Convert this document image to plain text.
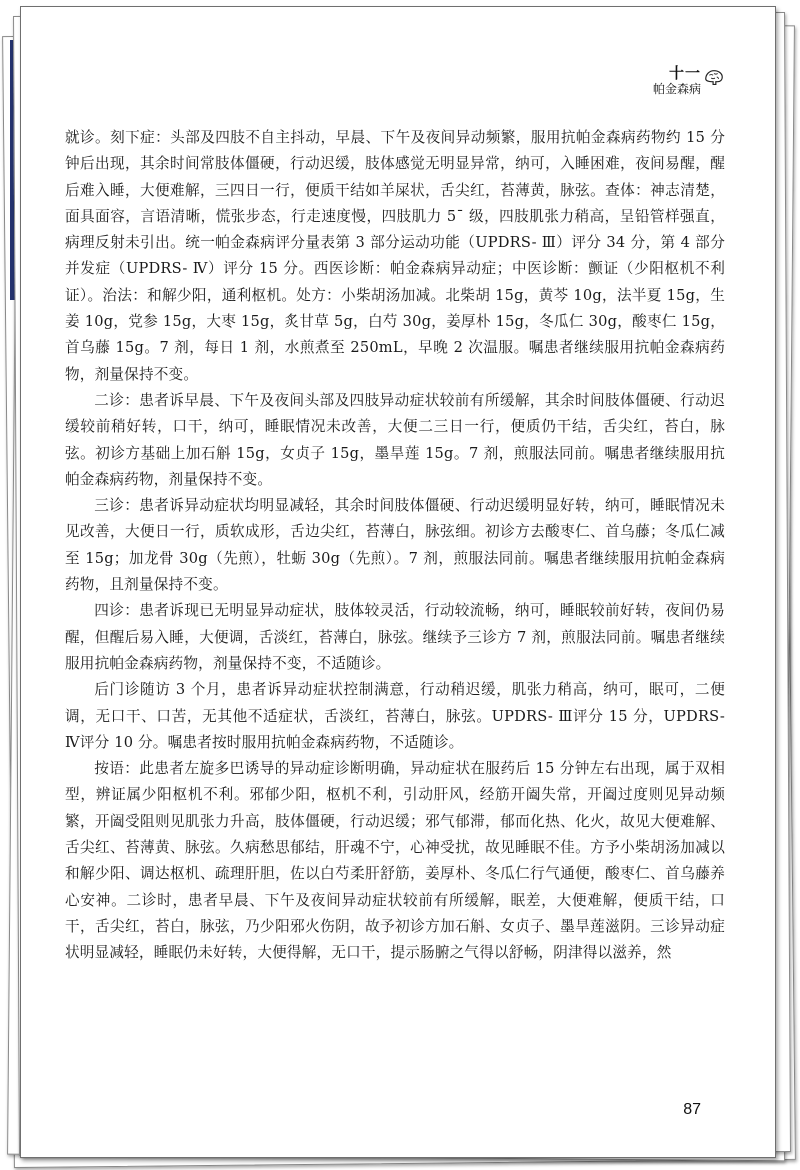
十一
帕金森病

就诊。刻下症：头部及四肢不自主抖动，早晨、下午及夜间异动频繁，服用抗帕金森病药物约 15 分钟后出现，其余时间常肢体僵硬，行动迟缓，肢体感觉无明显异常，纳可，入睡困难，夜间易醒，醒后难入睡，大便难解，三四日一行，便质干结如羊屎状，舌尖红，苔薄黄，脉弦。查体：神志清楚，面具面容，言语清晰，慌张步态，行走速度慢，四肢肌力 5ˉ 级，四肢肌张力稍高，呈铅管样强直，病理反射未引出。统一帕金森病评分量表第 3 部分运动功能（UPDRS- Ⅲ）评分 34 分，第 4 部分并发症（UPDRS- Ⅳ）评分 15 分。西医诊断：帕金森病异动症；中医诊断：颤证（少阳枢机不利证）。治法：和解少阳，通利枢机。处方：小柴胡汤加减。北柴胡 15g，黄芩 10g，法半夏 15g，生姜 10g，党参 15g，大枣 15g，炙甘草 5g，白芍 30g，姜厚朴 15g，冬瓜仁 30g，酸枣仁 15g，首乌藤 15g。7 剂，每日 1 剂，水煎煮至 250mL，早晚 2 次温服。嘱患者继续服用抗帕金森病药物，剂量保持不变。

二诊：患者诉早晨、下午及夜间头部及四肢异动症状较前有所缓解，其余时间肢体僵硬、行动迟缓较前稍好转，口干，纳可，睡眠情况未改善，大便二三日一行，便质仍干结，舌尖红，苔白，脉弦。初诊方基础上加石斛 15g，女贞子 15g，墨旱莲 15g。7 剂，煎服法同前。嘱患者继续服用抗帕金森病药物，剂量保持不变。

三诊：患者诉异动症状均明显减轻，其余时间肢体僵硬、行动迟缓明显好转，纳可，睡眠情况未见改善，大便日一行，质软成形，舌边尖红，苔薄白，脉弦细。初诊方去酸枣仁、首乌藤；冬瓜仁减至 15g；加龙骨 30g（先煎），牡蛎 30g（先煎）。7 剂，煎服法同前。嘱患者继续服用抗帕金森病药物，且剂量保持不变。

四诊：患者诉现已无明显异动症状，肢体较灵活，行动较流畅，纳可，睡眠较前好转，夜间仍易醒，但醒后易入睡，大便调，舌淡红，苔薄白，脉弦。继续予三诊方 7 剂，煎服法同前。嘱患者继续服用抗帕金森病药物，剂量保持不变，不适随诊。

后门诊随访 3 个月，患者诉异动症状控制满意，行动稍迟缓，肌张力稍高，纳可，眠可，二便调，无口干、口苦，无其他不适症状，舌淡红，苔薄白，脉弦。UPDRS- Ⅲ评分 15 分，UPDRS- Ⅳ评分 10 分。嘱患者按时服用抗帕金森病药物，不适随诊。

按语：此患者左旋多巴诱导的异动症诊断明确，异动症状在服药后 15 分钟左右出现，属于双相型，辨证属少阳枢机不利。邪郁少阳，枢机不利，引动肝风，经筋开阖失常，开阖过度则见异动频繁，开阖受阻则见肌张力升高，肢体僵硬，行动迟缓；邪气郁滞，郁而化热、化火，故见大便难解、舌尖红、苔薄黄、脉弦。久病愁思郁结，肝魂不宁，心神受扰，故见睡眠不佳。方予小柴胡汤加减以和解少阳、调达枢机、疏理肝胆，佐以白芍柔肝舒筋，姜厚朴、冬瓜仁行气通便，酸枣仁、首乌藤养心安神。二诊时，患者早晨、下午及夜间异动症状较前有所缓解，眠差，大便难解，便质干结，口干，舌尖红，苔白，脉弦，乃少阳邪火伤阴，故予初诊方加石斛、女贞子、墨旱莲滋阴。三诊异动症状明显减轻，睡眠仍未好转，大便得解，无口干，提示肠腑之气得以舒畅，阴津得以滋养，然

87
